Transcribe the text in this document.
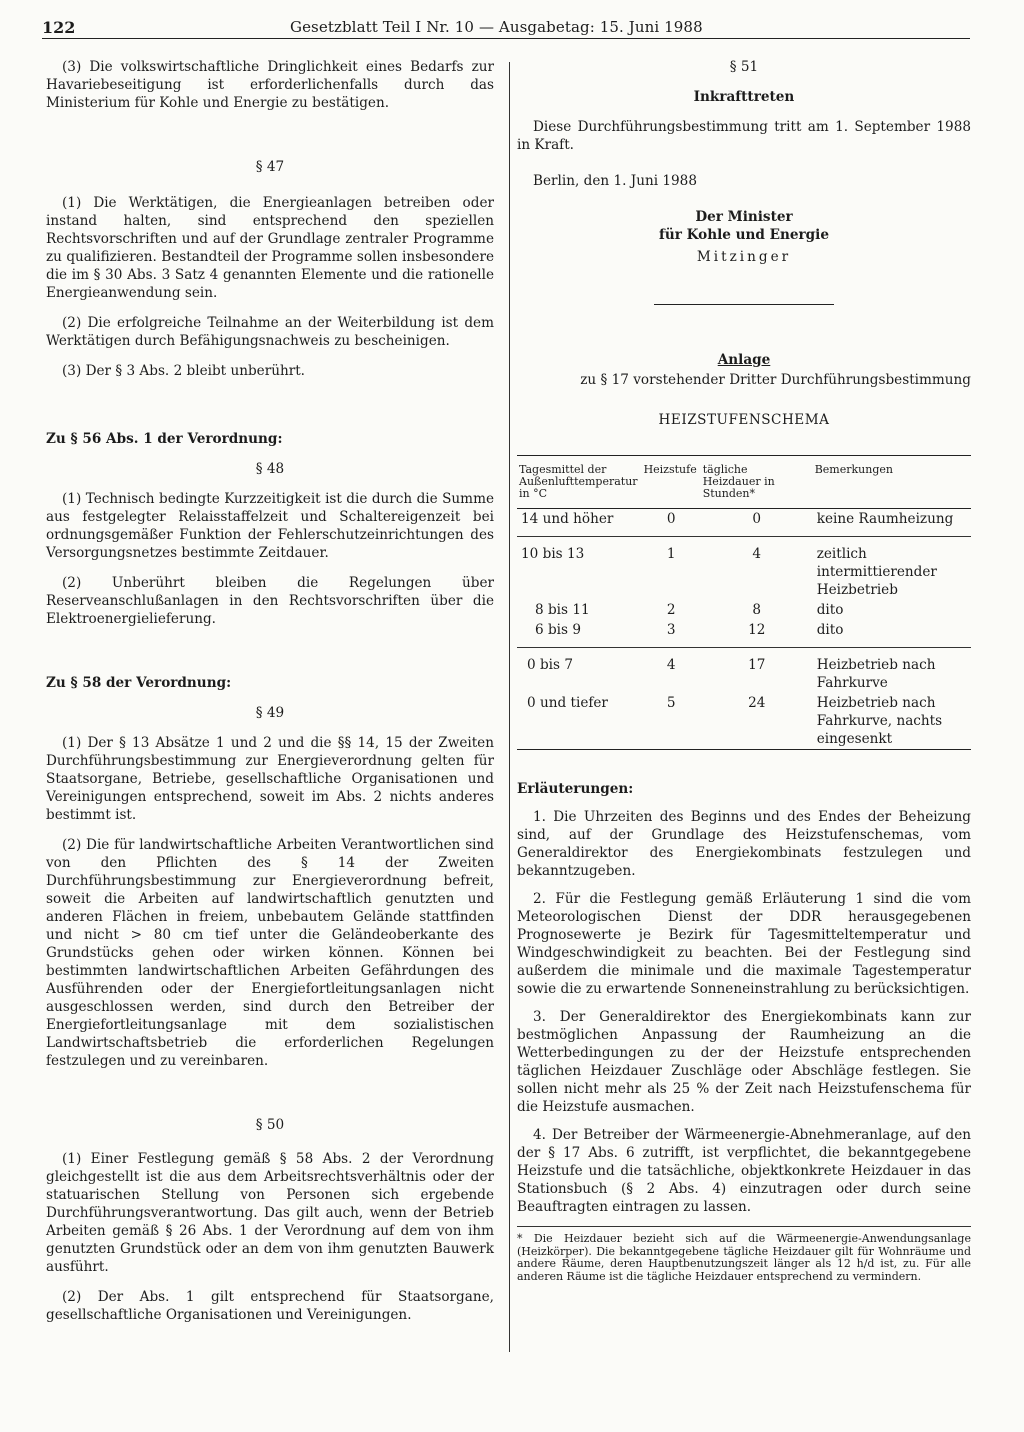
122	Gesetzblatt Teil I Nr. 10 — Ausgabetag: 15. Juni 1988

(3) Die volkswirtschaftliche Dringlichkeit eines Bedarfs zur Havariebeseitigung ist erforderlichenfalls durch das Ministerium für Kohle und Energie zu bestätigen.

§ 47

(1) Die Werktätigen, die Energieanlagen betreiben oder instand halten, sind entsprechend den speziellen Rechtsvorschriften und auf der Grundlage zentraler Programme zu qualifizieren. Bestandteil der Programme sollen insbesondere die im § 30 Abs. 3 Satz 4 genannten Elemente und die rationelle Energieanwendung sein.

(2) Die erfolgreiche Teilnahme an der Weiterbildung ist dem Werktätigen durch Befähigungsnachweis zu bescheinigen.

(3) Der § 3 Abs. 2 bleibt unberührt.

Zu § 56 Abs. 1 der Verordnung:

§ 48

(1) Technisch bedingte Kurzzeitigkeit ist die durch die Summe aus festgelegter Relaisstaffelzeit und Schaltereigenzeit bei ordnungsgemäßer Funktion der Fehlerschutzeinrichtungen des Versorgungsnetzes bestimmte Zeitdauer.

(2) Unberührt bleiben die Regelungen über Reserveanschlußanlagen in den Rechtsvorschriften über die Elektroenergielieferung.

Zu § 58 der Verordnung:

§ 49

(1) Der § 13 Absätze 1 und 2 und die §§ 14, 15 der Zweiten Durchführungsbestimmung zur Energieverordnung gelten für Staatsorgane, Betriebe, gesellschaftliche Organisationen und Vereinigungen entsprechend, soweit im Abs. 2 nichts anderes bestimmt ist.

(2) Die für landwirtschaftliche Arbeiten Verantwortlichen sind von den Pflichten des § 14 der Zweiten Durchführungsbestimmung zur Energieverordnung befreit, soweit die Arbeiten auf landwirtschaftlich genutzten und anderen Flächen in freiem, unbebautem Gelände stattfinden und nicht > 80 cm tief unter die Geländeoberkante des Grundstücks gehen oder wirken können. Können bei bestimmten landwirtschaftlichen Arbeiten Gefährdungen des Ausführenden oder der Energiefortleitungsanlagen nicht ausgeschlossen werden, sind durch den Betreiber der Energiefortleitungsanlage mit dem sozialistischen Landwirtschaftsbetrieb die erforderlichen Regelungen festzulegen und zu vereinbaren.

§ 50

(1) Einer Festlegung gemäß § 58 Abs. 2 der Verordnung gleichgestellt ist die aus dem Arbeitsrechtsverhältnis oder der statuarischen Stellung von Personen sich ergebende Durchführungsverantwortung. Das gilt auch, wenn der Betrieb Arbeiten gemäß § 26 Abs. 1 der Verordnung auf dem von ihm genutzten Grundstück oder an dem von ihm genutzten Bauwerk ausführt.

(2) Der Abs. 1 gilt entsprechend für Staatsorgane, gesellschaftliche Organisationen und Vereinigungen.

§ 51

Inkrafttreten

Diese Durchführungsbestimmung tritt am 1. September 1988 in Kraft.

Berlin, den 1. Juni 1988

Der Minister
für Kohle und Energie
Mitzinger
Anlage
zu § 17 vorstehender Dritter Durchführungsbestimmung
HEIZSTUFENSCHEMA
Tagesmittel der Außenlufttemperatur in °C	Heizstufe	tägliche Heizdauer in Stunden*	Bemerkungen
14 und höher	0	0	keine Raumheizung
10 bis 13	1	4	zeitlich intermittierender Heizbetrieb
8 bis 11	2	8	dito
6 bis 9	3	12	dito
0 bis 7	4	17	Heizbetrieb nach Fahrkurve
0 und tiefer	5	24	Heizbetrieb nach Fahrkurve, nachts eingesenkt

Erläuterungen:

1. Die Uhrzeiten des Beginns und des Endes der Beheizung sind, auf der Grundlage des Heizstufenschemas, vom Generaldirektor des Energiekombinats festzulegen und bekanntzugeben.

2. Für die Festlegung gemäß Erläuterung 1 sind die vom Meteorologischen Dienst der DDR herausgegebenen Prognosewerte je Bezirk für Tagesmitteltemperatur und Windgeschwindigkeit zu beachten. Bei der Festlegung sind außerdem die minimale und die maximale Tagestemperatur sowie die zu erwartende Sonneneinstrahlung zu berücksichtigen.

3. Der Generaldirektor des Energiekombinats kann zur bestmöglichen Anpassung der Raumheizung an die Wetterbedingungen zu der der Heizstufe entsprechenden täglichen Heizdauer Zuschläge oder Abschläge festlegen. Sie sollen nicht mehr als 25 % der Zeit nach Heizstufenschema für die Heizstufe ausmachen.

4. Der Betreiber der Wärmeenergie-Abnehmeranlage, auf den der § 17 Abs. 6 zutrifft, ist verpflichtet, die bekanntgegebene Heizstufe und die tatsächliche, objektkonkrete Heizdauer in das Stationsbuch (§ 2 Abs. 4) einzutragen oder durch seine Beauftragten eintragen zu lassen.

* Die Heizdauer bezieht sich auf die Wärmeenergie-Anwendungsanlage (Heizkörper). Die bekanntgegebene tägliche Heizdauer gilt für Wohnräume und andere Räume, deren Hauptbenutzungszeit länger als 12 h/d ist, zu. Für alle anderen Räume ist die tägliche Heizdauer entsprechend zu vermindern.
